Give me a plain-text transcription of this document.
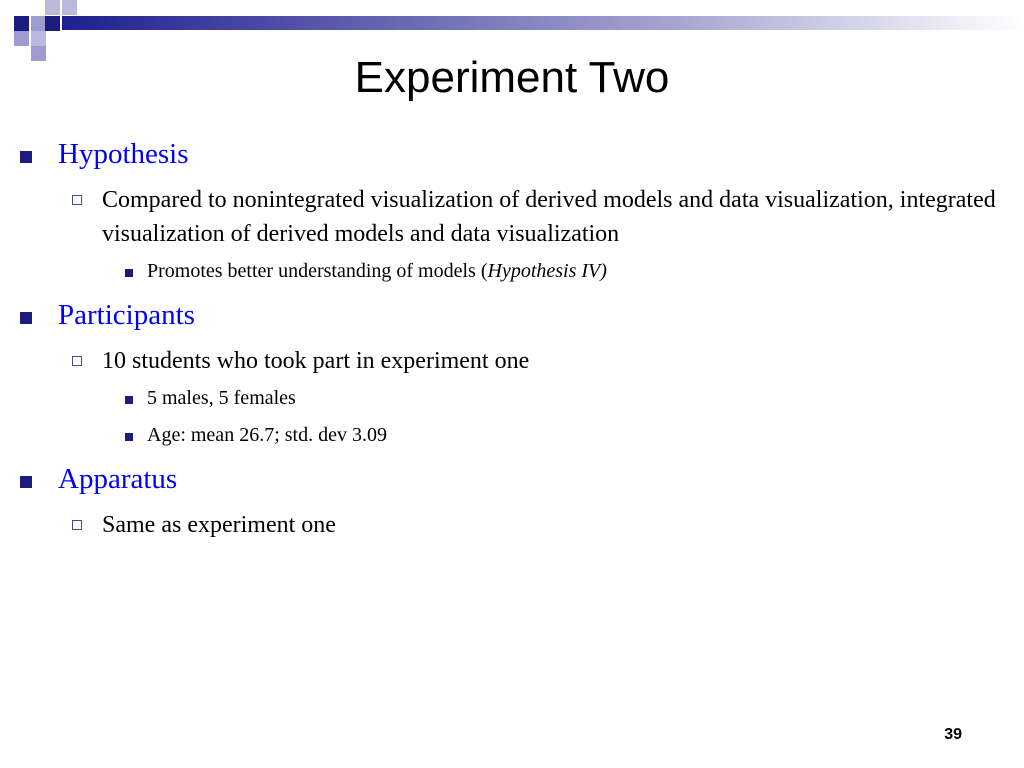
Experiment Two
Hypothesis
Compared to nonintegrated visualization of derived models and data visualization, integrated visualization of derived models and data visualization
Promotes better understanding of models (Hypothesis IV)
Participants
10 students who took part in experiment one
5 males, 5 females
Age: mean 26.7; std. dev 3.09
Apparatus
Same as experiment one
39
